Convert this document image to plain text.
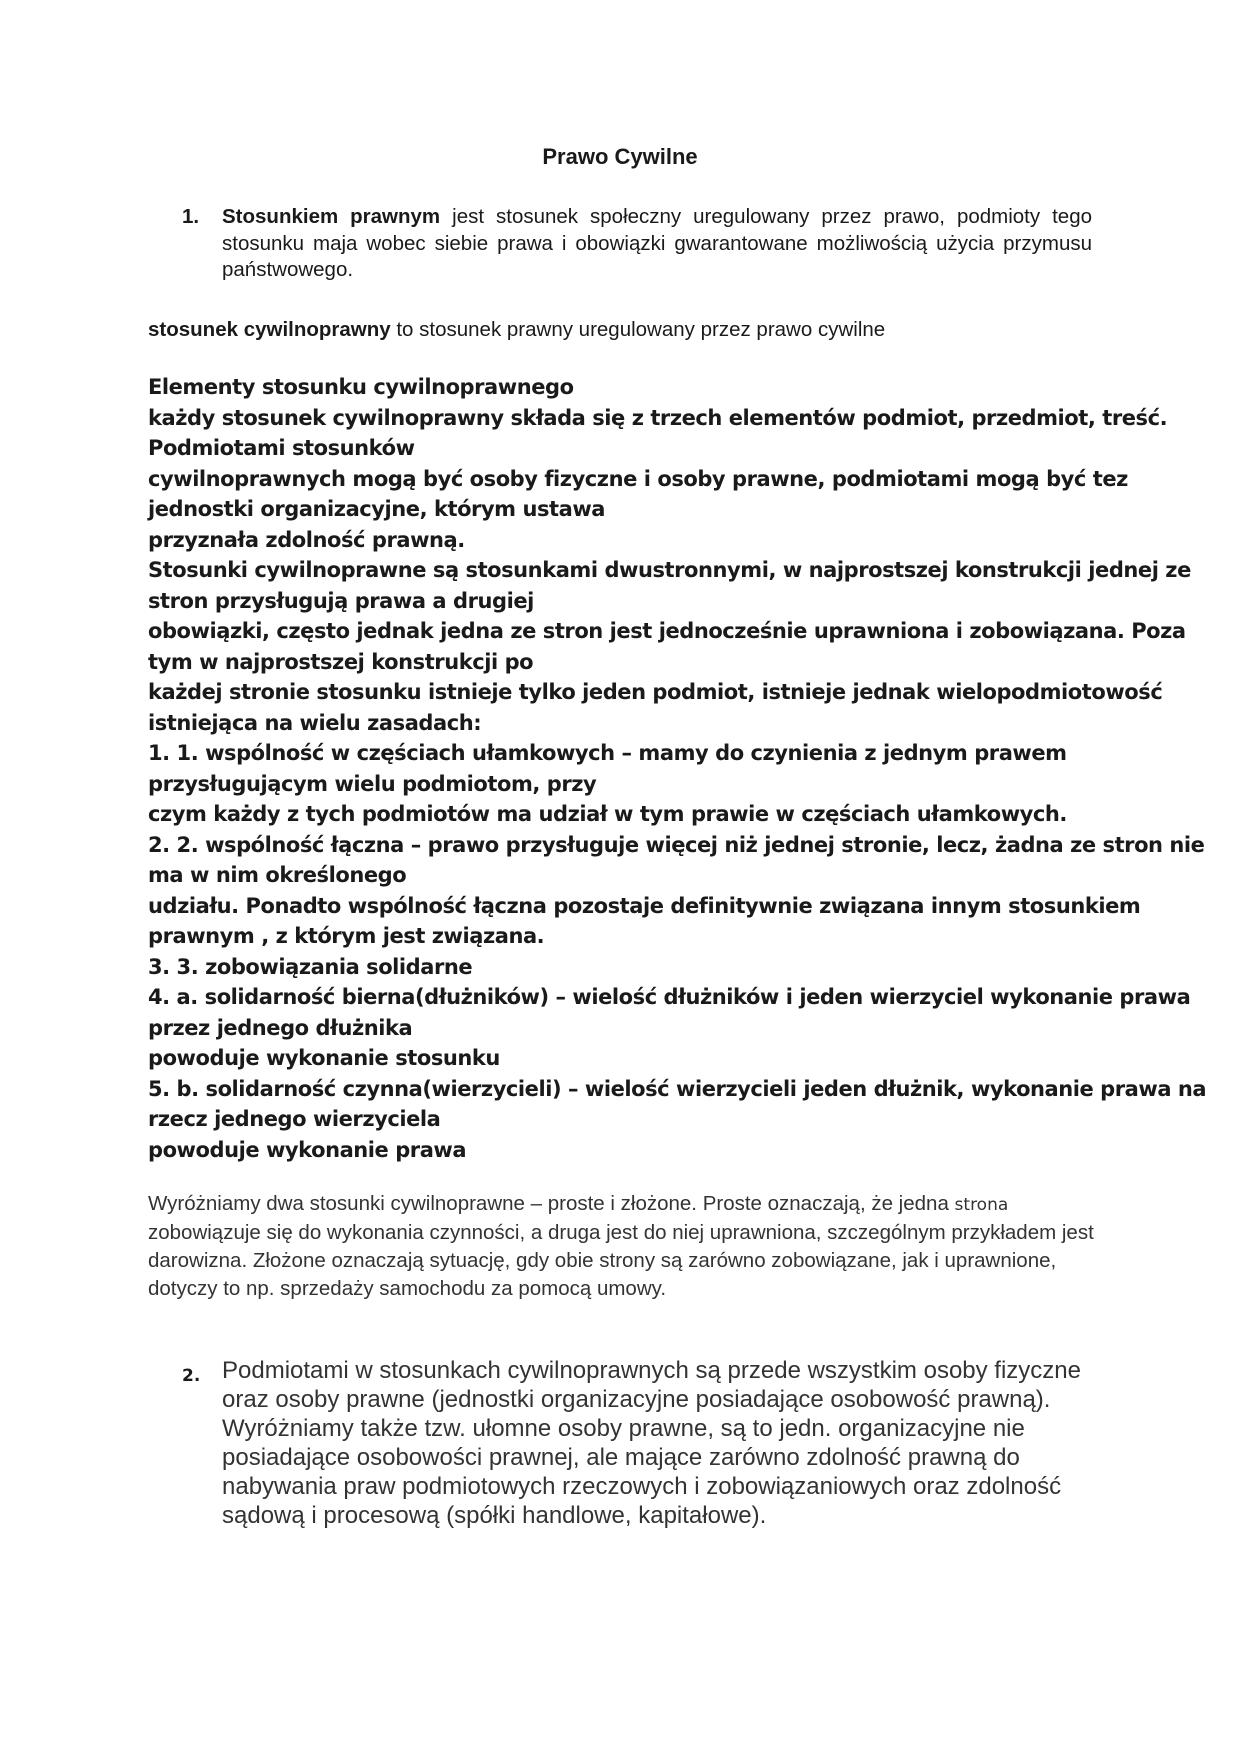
Prawo Cywilne
1. Stosunkiem prawnym jest stosunek społeczny uregulowany przez prawo, podmioty tego stosunku maja wobec siebie prawa i obowiązki gwarantowane możliwością użycia przymusu państwowego.
stosunek cywilnoprawny to stosunek prawny uregulowany przez prawo cywilne
Elementy stosunku cywilnoprawnego
każdy stosunek cywilnoprawny składa się z trzech elementów podmiot, przedmiot, treść.
Podmiotami stosunków
cywilnoprawnych mogą być osoby fizyczne i osoby prawne, podmiotami mogą być tez
jednostki organizacyjne, którym ustawa
przyznała zdolność prawną.
Stosunki cywilnoprawne są stosunkami dwustronnymi, w najprostszej konstrukcji jednej ze
stron przysługują prawa a drugiej
obowiązki, często jednak jedna ze stron jest jednocześnie uprawniona i zobowiązana. Poza
tym w najprostszej konstrukcji po
każdej stronie stosunku istnieje tylko jeden podmiot, istnieje jednak wielopodmiotowość
istniejąca na wielu zasadach:
1. 1. wspólność w częściach ułamkowych – mamy do czynienia z jednym prawem
przysługującym wielu podmiotom, przy
czym każdy z tych podmiotów ma udział w tym prawie w częściach ułamkowych.
2. 2. wspólność łączna – prawo przysługuje więcej niż jednej stronie, lecz, żadna ze stron nie
ma w nim określonego
udziału. Ponadto wspólność łączna pozostaje definitywnie związana innym stosunkiem
prawnym , z którym jest związana.
3. 3. zobowiązania solidarne
4. a. solidarność bierna(dłużników) – wielość dłużników i jeden wierzyciel wykonanie prawa
przez jednego dłużnika
powoduje wykonanie stosunku
5. b. solidarność czynna(wierzycieli) – wielość wierzycieli jeden dłużnik, wykonanie prawa na
rzecz jednego wierzyciela
powoduje wykonanie prawa
Wyróżniamy dwa stosunki cywilnoprawne – proste i złożone. Proste oznaczają, że jedna strona zobowiązuje się do wykonania czynności, a druga jest do niej uprawniona, szczególnym przykładem jest darowizna. Złożone oznaczają sytuację, gdy obie strony są zarówno zobowiązane, jak i uprawnione, dotyczy to np. sprzedaży samochodu za pomocą umowy.
2. Podmiotami w stosunkach cywilnoprawnych są przede wszystkim osoby fizyczne oraz osoby prawne (jednostki organizacyjne posiadające osobowość prawną). Wyróżniamy także tzw. ułomne osoby prawne, są to jedn. organizacyjne nie posiadające osobowości prawnej, ale mające zarówno zdolność prawną do nabywania praw podmiotowych rzeczowych i zobowiązaniowych oraz zdolność sądową i procesową (spółki handlowe, kapitałowe).
